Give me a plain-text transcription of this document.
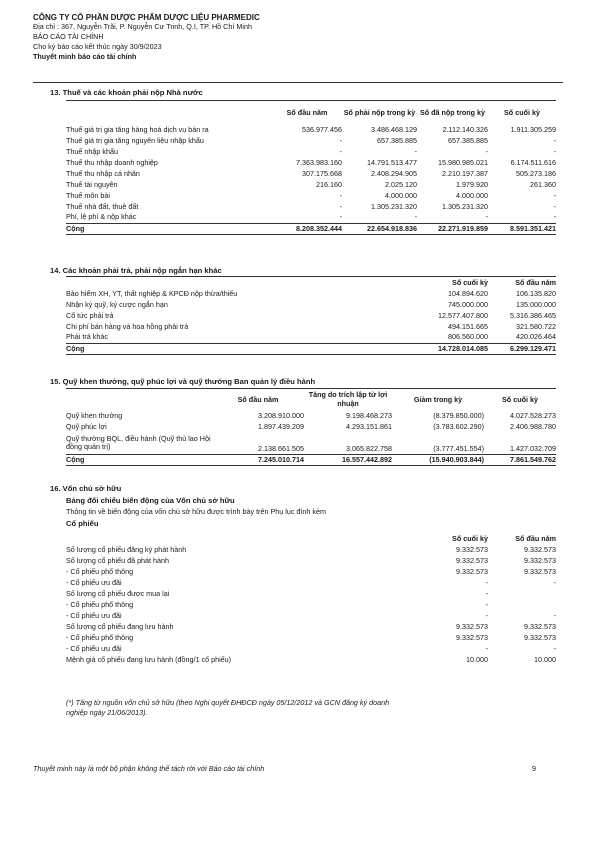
CÔNG TY CỔ PHẦN DƯỢC PHẨM DƯỢC LIỆU PHARMEDIC
Địa chỉ : 367, Nguyễn Trãi, P. Nguyễn Cư Trinh, Q.I, TP. Hồ Chí Minh
BÁO CÁO TÀI CHÍNH
Cho kỳ báo cáo kết thúc ngày 30/9/2023
Thuyết minh báo cáo tài chính
13. Thuế và các khoản phải nộp Nhà nước
	Số đầu năm	Số phải nộp trong kỳ	Số đã nộp trong kỳ	Số cuối kỳ
Thuế giá trị gia tăng hàng hoá dịch vụ bán ra	536.977.456	3.486.468.129	2.112.140.326	1.911.305.259
Thuế giá trị gia tăng nguyên liệu nhập khẩu	-	657.385.885	657.385.885	-
Thuế nhập khẩu	-	-	-	-
Thuế thu nhập doanh nghiệp	7.363.983.160	14.791.513.477	15.980.985.021	6.174.511.616
Thuế thu nhập cá nhân	307.175.668	2.408.294.905	2.210.197.387	505.273.186
Thuế tài nguyên	216.160	2.025.120	1.979.920	261.360
Thuế môn bài	-	4.000.000	4.000.000	-
Thuế nhà đất, thuê đất	-	1.305.231.320	1.305.231.320	-
Phí, lệ phí & nộp khác	-	-	-	-
Cộng	8.208.352.444	22.654.918.836	22.271.919.859	8.591.351.421
14. Các khoản phải trả, phải nộp ngắn hạn khác
	Số cuối kỳ	Số đầu năm
Bảo hiểm XH, YT, thất nghiệp & KPCĐ nộp thừa/thiếu	104.894.620	106.135.820
Nhận ký quỹ, ký cược ngắn hạn	745.000.000	135.000.000
Cổ tức phải trả	12.577.407.800	5.316.386.465
Chi phí bán hàng và hoa hồng phải trả	494.151.665	321.580.722
Phải trả khác	806.560.000	420.026.464
Cộng	14.728.014.085	6.299.129.471
15. Quỹ khen thưởng, quỹ phúc lợi và quỹ thưởng Ban quản lý điều hành
	Số đầu năm	Tăng do trích lập từ lợi nhuận	Giảm trong kỳ	Số cuối kỳ
Quỹ khen thưởng	3.208.910.000	9.198.468.273	(8.379.850.000)	4.027.528.273
Quỹ phúc lợi	1.897.439.209	4.293.151.861	(3.783.602.290)	2.406.988.780
Quỹ thưởng BQL, điều hành (Quỹ thù lao Hội đồng quản trị)	2.138.661.505	3.065.822.758	(3.777.451.554)	1.427.032.709
Cộng	7.245.010.714	16.557.442.892	(15.940.903.844)	7.861.549.762
16. Vốn chủ sở hữu
Bảng đối chiếu biến động của Vốn chủ sở hữu
Thông tin về biến động của vốn chủ sở hữu được trình bày trên Phụ lục đính kèm
Cổ phiếu
	Số cuối kỳ	Số đầu năm
Số lượng cổ phiếu đăng ký phát hành	9.332.573	9.332.573
Số lượng cổ phiếu đã phát hành	9.332.573	9.332.573
- Cổ phiếu phổ thông	9.332.573	9.332.573
- Cổ phiếu ưu đãi	-	-
Số lượng cổ phiếu được mua lại	-	
- Cổ phiếu phổ thông	-	
- Cổ phiếu ưu đãi	-	-
Số lượng cổ phiếu đang lưu hành	9.332.573	9.332.573
- Cổ phiếu phổ thông	9.332.573	9.332.573
- Cổ phiếu ưu đãi	-	-
Mệnh giá cổ phiếu đang lưu hành (đồng/1 cổ phiếu)	10.000	10.000
(*) Tăng từ nguồn vốn chủ sở hữu (theo Nghị quyết ĐHĐCĐ ngày 05/12/2012 và GCN đăng ký doanh nghiệp ngày 21/06/2013).
Thuyết minh này là một bộ phận không thể tách rời với Báo cáo tài chính	9
